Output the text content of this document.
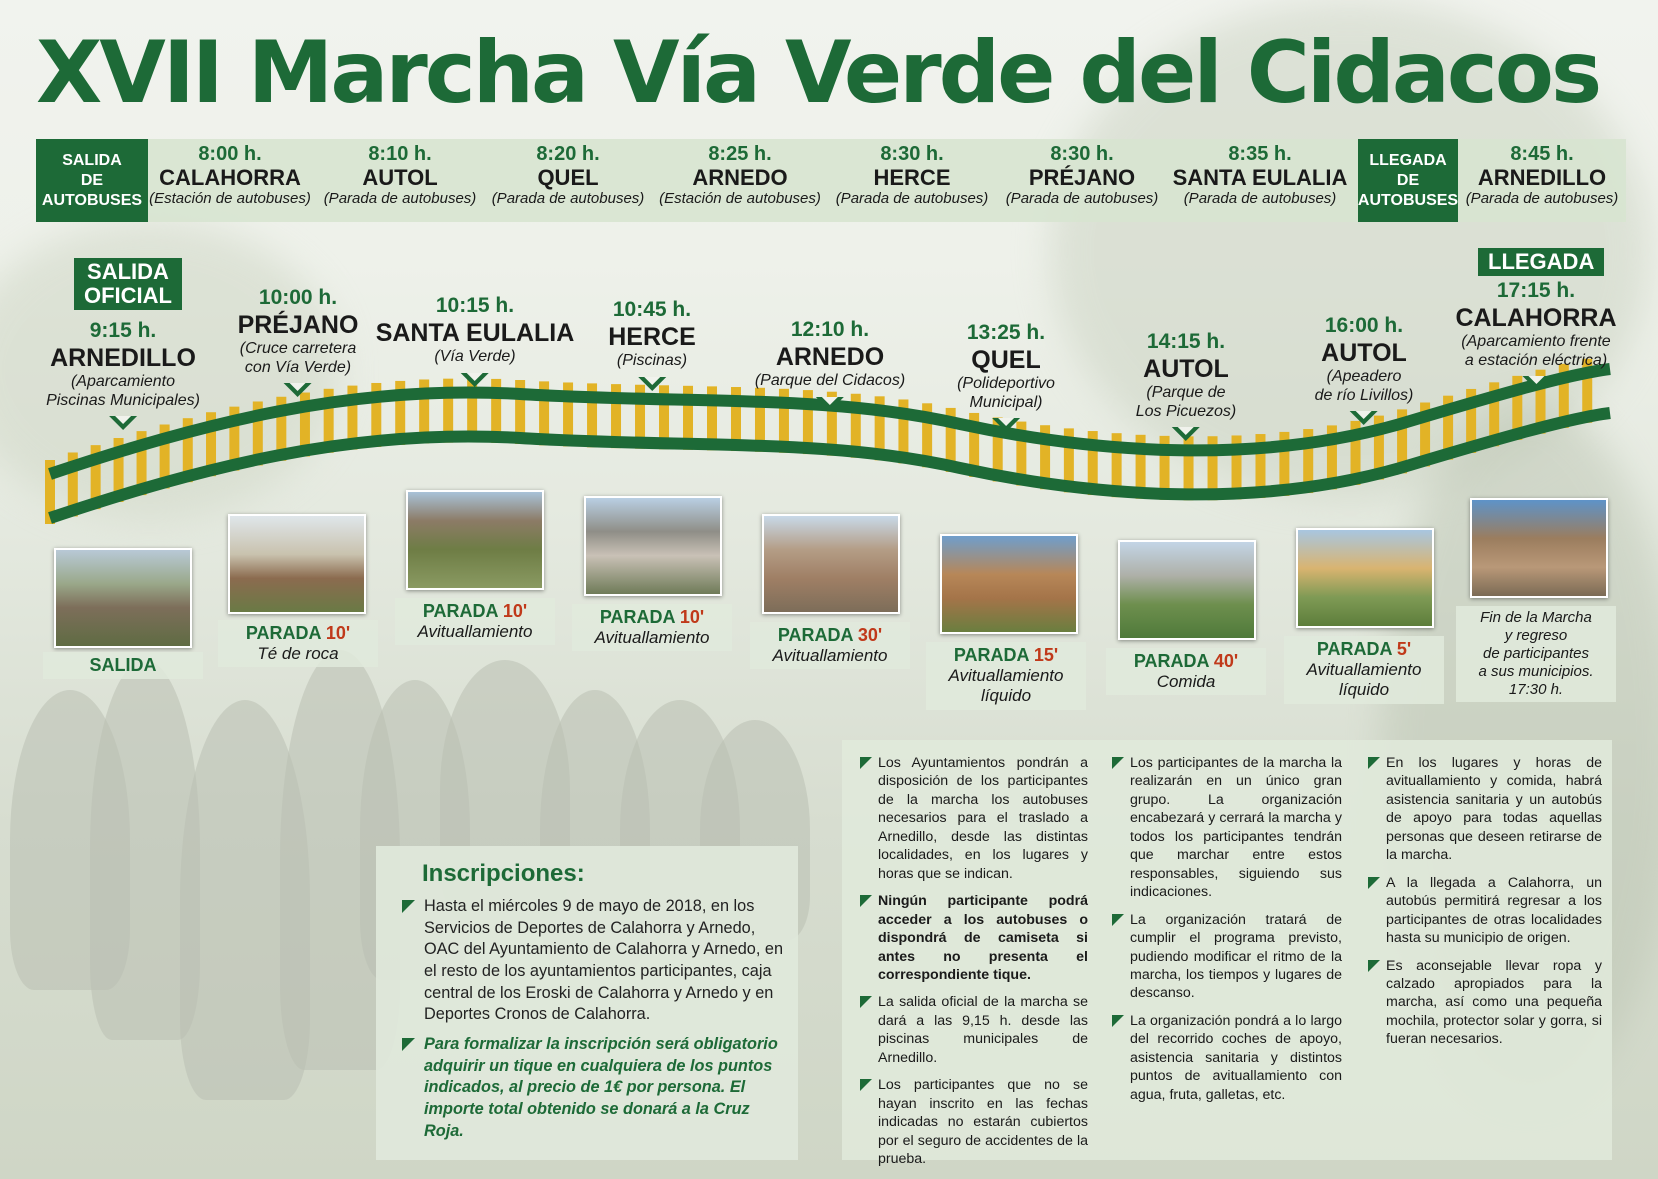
XVII Marcha Vía Verde del Cidacos
SALIDA
DE
AUTOBUSES
LLEGADA
DE
AUTOBUSES
8:00 h.
CALAHORRA
(Estación de autobuses)
8:10 h.
AUTOL
(Parada de autobuses)
8:20 h.
QUEL
(Parada de autobuses)
8:25 h.
ARNEDO
(Estación de autobuses)
8:30 h.
HERCE
(Parada de autobuses)
8:30 h.
PRÉJANO
(Parada de autobuses)
8:35 h.
SANTA EULALIA
(Parada de autobuses)
8:45 h.
ARNEDILLO
(Parada de autobuses)
SALIDA
OFICIAL
LLEGADA
9:15 h.
ARNEDILLO
(Aparcamiento
Piscinas Municipales)
10:00 h.
PRÉJANO
(Cruce carretera
con Vía Verde)
10:15 h.
SANTA EULALIA
(Vía Verde)
10:45 h.
HERCE
(Piscinas)
12:10 h.
ARNEDO
(Parque del Cidacos)
13:25 h.
QUEL
(Polideportivo
Municipal)
14:15 h.
AUTOL
(Parque de
Los Picuezos)
16:00 h.
AUTOL
(Apeadero
de río Livillos)
17:15 h.
CALAHORRA
(Aparcamiento frente
a estación eléctrica)
SALIDA
PARADA 10'
Té de roca
PARADA 10'
Avituallamiento
PARADA 10'
Avituallamiento	PARADA 30'
Avituallamiento	PARADA 15'
Avituallamiento
líquido
PARADA 40'
Comida
PARADA 5'
Avituallamiento
líquido
Fin de la Marcha
y regreso
de participantes
a sus municipios.
17:30 h.

Los Ayuntamientos pondrán a disposición de los participantes de la marcha los autobuses necesarios para el traslado a Arnedillo, desde las distintas localidades, en los lugares y horas que se indican.

Ningún participante podrá acceder a los autobuses o dispondrá de camiseta si antes no presenta el correspondiente tique.

La salida oficial de la marcha se dará a las 9,15 h. desde las piscinas municipales de Arnedillo.

Los participantes que no se hayan inscrito en las fechas indicadas no estarán cubiertos por el seguro de accidentes de la prueba.

Los participantes de la marcha la realizarán en un único gran grupo. La organización encabezará y cerrará la marcha y todos los participantes tendrán que marchar entre estos responsables, siguiendo sus indicaciones.

La organización tratará de cumplir el programa previsto, pudiendo modificar el ritmo de la marcha, los tiempos y lugares de descanso.

La organización pondrá a lo largo del recorrido coches de apoyo, asistencia sanitaria y distintos puntos de avituallamiento con agua, fruta, galletas, etc.

En los lugares y horas de avituallamiento y comida, habrá asistencia sanitaria y un autobús de apoyo para todas aquellas personas que deseen retirarse de la marcha.

A la llegada a Calahorra, un autobús permitirá regresar a los participantes de otras localidades hasta su municipio de origen.

Es aconsejable llevar ropa y calzado apropiados para la marcha, así como una pequeña mochila, protector solar y gorra, si fueran necesarios.

Inscripciones:

Hasta el miércoles 9 de mayo de 2018, en los Servicios de Deportes de Calahorra y Arnedo, OAC del Ayuntamiento de Calahorra y Arnedo, en el resto de los ayuntamientos participantes, caja central de los Eroski de Calahorra y Arnedo y en Deportes Cronos de Calahorra.

Para formalizar la inscripción será obligatorio adquirir un tique en cualquiera de los puntos indicados, al precio de 1€ por persona. El importe total obtenido se donará a la Cruz Roja.
